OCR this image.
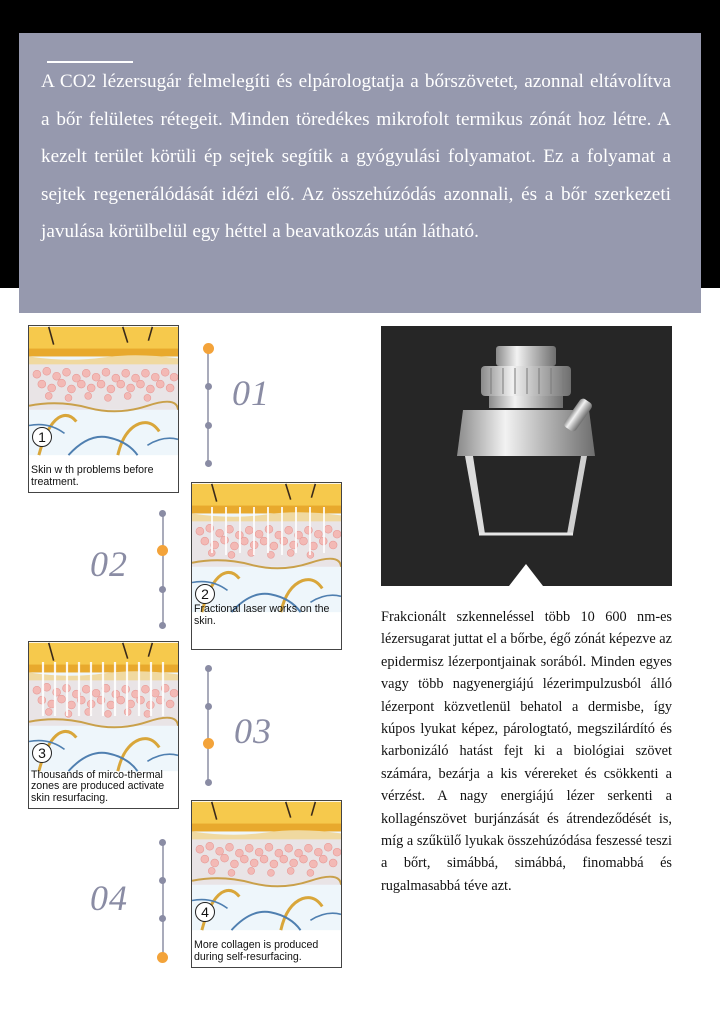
A CO2 lézersugár felmelegíti és elpárologtatja a bőrszövetet, azonnal eltávolítva a bőr felületes rétegeit. Minden töredékes mikrofolt termikus zónát hoz létre. A kezelt terület körüli ép sejtek segítik a gyógyulási folyamatot. Ez a folyamat a sejtek regenerálódását idézi elő. Az összehúzódás azonnali, és a bőr szerkezeti javulása körülbelül egy héttel a beavatkozás után látható.

1
Skin w th problems before treatment.
01
2
Fractional laser works on the skin.
02
3
Thousands of mirco-thermal zones are produced activate skin resurfacing.
03
4
More collagen is produced during self-resurfacing.
04

Frakcionált szkenneléssel több 10 600 nm-es lézersugarat juttat el a bőrbe, égő zónát képezve az epidermisz lézerpontjainak sorából. Minden egyes vagy több nagyenergiájú lézerimpulzusból álló lézerpont közvetlenül behatol a dermisbe, így kúpos lyukat képez, párologtató, megszilárdító és karbonizáló hatást fejt ki a biológiai szövet számára, bezárja a kis vérereket és csökkenti a vérzést. A nagy energiájú lézer serkenti a kollagénszövet burjánzását és átrendeződését is, míg a szűkülő lyukak összehúzódása feszessé teszi a bőrt, simábbá, simábbá, finomabbá és rugalmasabbá téve azt.
